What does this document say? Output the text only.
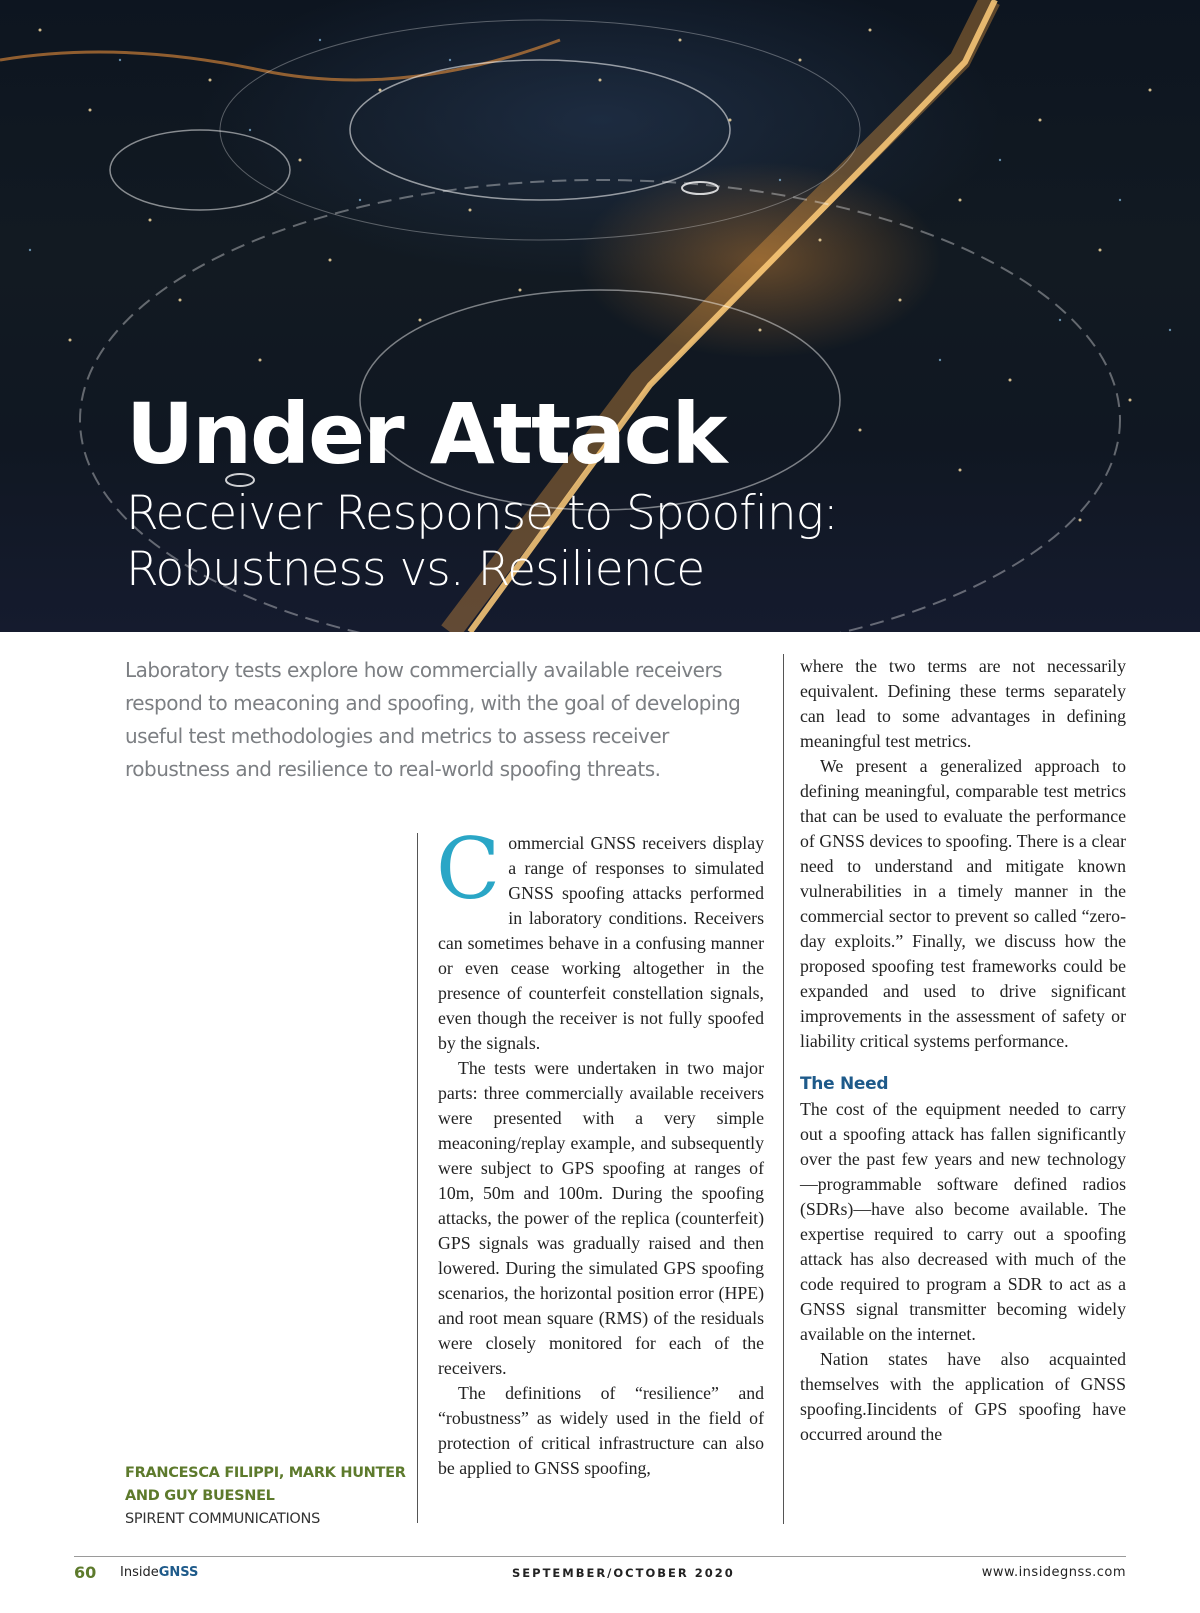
Under Attack
Receiver Response to Spoofing:
Robustness vs. Resilience

Laboratory tests explore how commercially available receivers
respond to meaconing and spoofing, with the goal of developing
useful test methodologies and metrics to assess receiver
robustness and resilience to real-world spoofing threats.

FRANCESCA FILIPPI, MARK HUNTER
AND GUY BUESNEL
SPIRENT COMMUNICATIONS
C ommercial GNSS receivers display a range of responses to simulated GNSS spoofing attacks performed in laboratory conditions. Receivers can sometimes behave in a confusing manner or even cease working altogether in the presence of counterfeit constellation signals, even though the receiver is not fully spoofed by the signals.

The tests were undertaken in two major parts: three commercially available receivers were presented with a very simple meaconing/replay example, and subsequently were subject to GPS spoofing at ranges of 10m, 50m and 100m. During the spoofing attacks, the power of the replica (counterfeit) GPS signals was gradually raised and then lowered. During the simulated GPS spoofing scenarios, the horizontal position error (HPE) and root mean square (RMS) of the residuals were closely monitored for each of the receivers.

The definitions of “resilience” and “robustness” as widely used in the field of protection of critical infrastructure can also be applied to GNSS spoofing,

where the two terms are not necessarily equivalent. Defining these terms separately can lead to some advantages in defining meaningful test metrics.

We present a generalized approach to defining meaningful, comparable test metrics that can be used to evaluate the performance of GNSS devices to spoofing. There is a clear need to understand and mitigate known vulnerabilities in a timely manner in the commercial sector to prevent so called “zero-day exploits.” Finally, we discuss how the proposed spoofing test frameworks could be expanded and used to drive significant improvements in the assessment of safety or liability critical systems performance.

The Need

The cost of the equipment needed to carry out a spoofing attack has fallen significantly over the past few years and new technology—programmable software defined radios (SDRs)—have also become available. The expertise required to carry out a spoofing attack has also decreased with much of the code required to program a SDR to act as a GNSS signal transmitter becoming widely available on the internet.

Nation states have also acquainted themselves with the application of GNSS spoofing.Iincidents of GPS spoofing have occurred around the

60 InsideGNSS	SEPTEMBER/OCTOBER 2020	www.insidegnss.com
